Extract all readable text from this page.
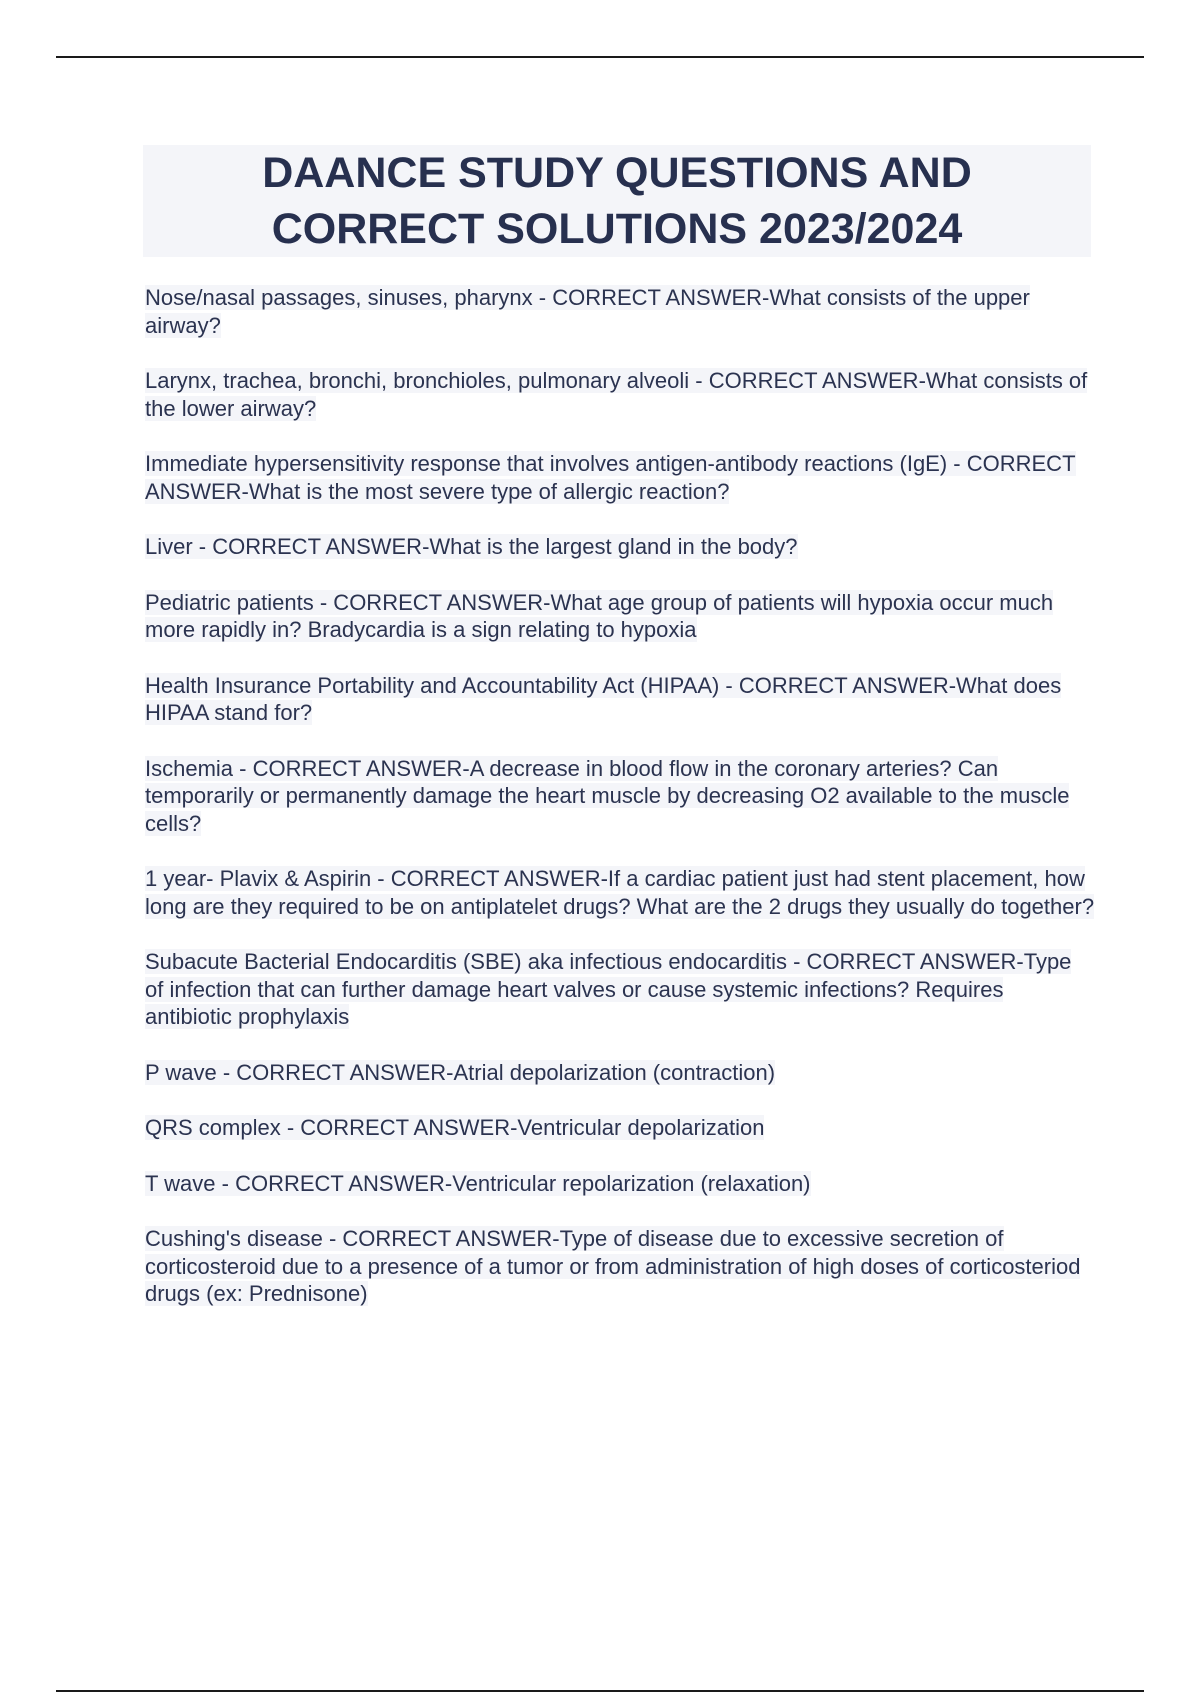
DAANCE STUDY QUESTIONS AND
CORRECT SOLUTIONS 2023/2024

Nose/nasal passages, sinuses, pharynx - CORRECT ANSWER-What consists of the upper airway?

Larynx, trachea, bronchi, bronchioles, pulmonary alveoli - CORRECT ANSWER-What consists of the lower airway?

Immediate hypersensitivity response that involves antigen-antibody reactions (IgE) - CORRECT ANSWER-What is the most severe type of allergic reaction?

Liver - CORRECT ANSWER-What is the largest gland in the body?

Pediatric patients - CORRECT ANSWER-What age group of patients will hypoxia occur much more rapidly in? Bradycardia is a sign relating to hypoxia

Health Insurance Portability and Accountability Act (HIPAA) - CORRECT ANSWER-What does HIPAA stand for?

Ischemia - CORRECT ANSWER-A decrease in blood flow in the coronary arteries? Can temporarily or permanently damage the heart muscle by decreasing O2 available to the muscle cells?

1 year- Plavix & Aspirin - CORRECT ANSWER-If a cardiac patient just had stent placement, how long are they required to be on antiplatelet drugs? What are the 2 drugs they usually do together?

Subacute Bacterial Endocarditis (SBE) aka infectious endocarditis - CORRECT ANSWER-Type of infection that can further damage heart valves or cause systemic infections? Requires antibiotic prophylaxis

P wave - CORRECT ANSWER-Atrial depolarization (contraction)

QRS complex - CORRECT ANSWER-Ventricular depolarization

T wave - CORRECT ANSWER-Ventricular repolarization (relaxation)

Cushing's disease - CORRECT ANSWER-Type of disease due to excessive secretion of corticosteroid due to a presence of a tumor or from administration of high doses of corticosteriod drugs (ex: Prednisone)
